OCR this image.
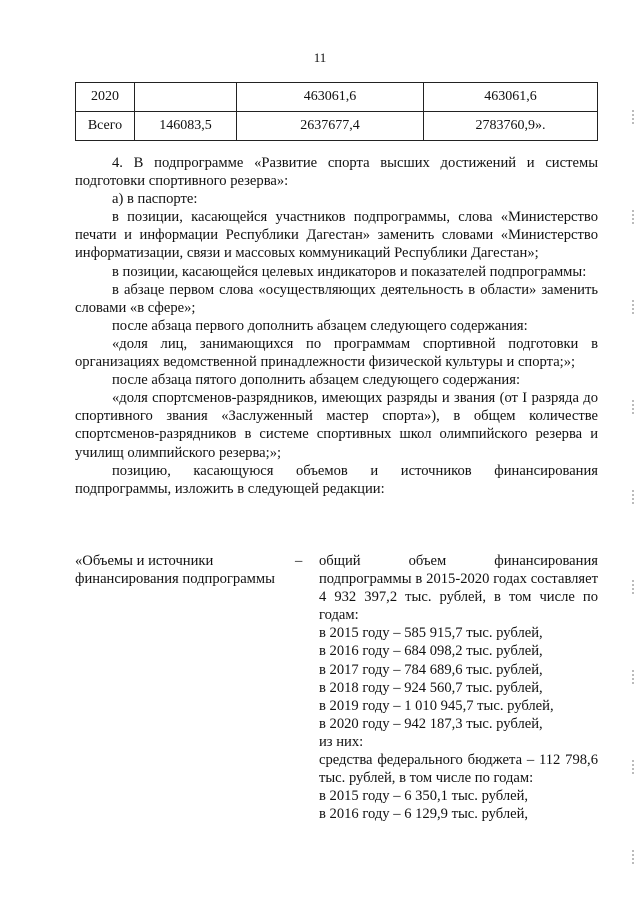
11
2020		463061,6	463061,6
Всего	146083,5	2637677,4	2783760,9».

4. В подпрограмме «Развитие спорта высших достижений и системы подготовки спортивного резерва»:

а) в паспорте:

в позиции, касающейся участников подпрограммы, слова «Министерство печати и информации Республики Дагестан» заменить словами «Министерство информатизации, связи и массовых коммуникаций Республики Дагестан»;

в позиции, касающейся целевых индикаторов и показателей подпрограммы:

в абзаце первом слова «осуществляющих деятельность в области» заменить словами «в сфере»;

после абзаца первого дополнить абзацем следующего содержания:

«доля лиц, занимающихся по программам спортивной подготовки в организациях ведомственной принадлежности физической культуры и спорта;»;

после абзаца пятого дополнить абзацем следующего содержания:

«доля спортсменов-разрядников, имеющих разряды и звания (от I разряда до спортивного звания «Заслуженный мастер спорта»), в общем количестве спортсменов-разрядников в системе спортивных школ олимпийского резерва и училищ олимпийского резерва;»;

позицию, касающуюся объемов и источников финансирования подпрограммы, изложить в следующей редакции:

«Объемы и источники

финансирования подпрограммы

– общий объем финансирования подпрограммы в 2015-2020 годах составляет 4 932 397,2 тыс. рублей, в том числе по годам:

в 2015 году – 585 915,7 тыс. рублей,

в 2016 году – 684 098,2 тыс. рублей,

в 2017 году – 784 689,6 тыс. рублей,

в 2018 году – 924 560,7 тыс. рублей,

в 2019 году – 1 010 945,7 тыс. рублей,

в 2020 году – 942 187,3 тыс. рублей,

из них:

средства федерального бюджета – 112 798,6 тыс. рублей, в том числе по годам:

в 2015 году – 6 350,1 тыс. рублей,

в 2016 году – 6 129,9 тыс. рублей,
